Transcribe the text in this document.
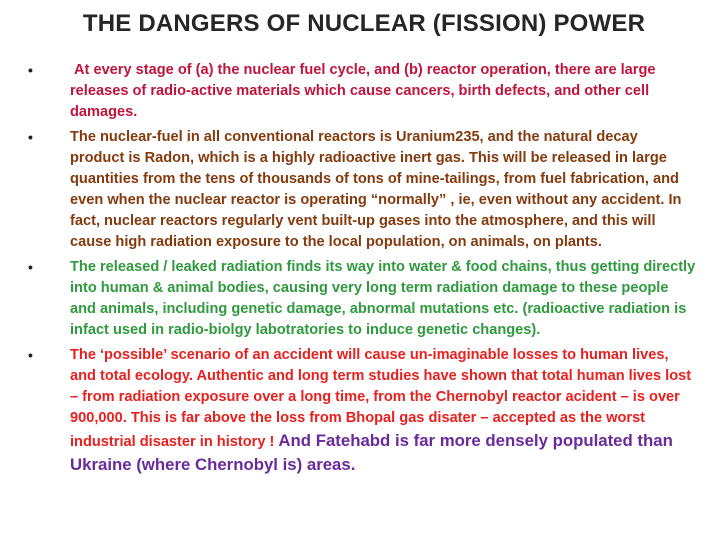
THE DANGERS OF NUCLEAR (FISSION) POWER
•	At every stage of (a) the nuclear fuel cycle, and (b) reactor operation, there are large releases of radio-active materials which cause cancers, birth defects, and other cell damages.
•	The nuclear-fuel in all conventional reactors is Uranium235, and the natural decay product is Radon, which is a highly radioactive inert gas. This will be released in large quantities from the tens of thousands of tons of mine-tailings, from fuel fabrication, and even when the nuclear reactor is operating “normally” , ie, even without any accident. In fact, nuclear reactors regularly vent built-up gases into the atmosphere, and this will cause high radiation exposure to the local population, on animals, on plants.
•	The released / leaked radiation finds its way into water & food chains, thus getting directly into human & animal bodies, causing very long term radiation damage to these people and animals, including genetic damage, abnormal mutations etc. (radioactive radiation is infact used in radio-biolgy labotratories to induce genetic changes).
•	The ‘possible’ scenario of an accident will cause un-imaginable losses to human lives, and total ecology. Authentic and long term studies have shown that total human lives lost – from radiation exposure over a long time, from the Chernobyl reactor acident – is over 900,000. This is far above the loss from Bhopal gas disater – accepted as the worst industrial disaster in history ! And Fatehabd is far more densely populated than Ukraine (where Chernobyl is) areas.
